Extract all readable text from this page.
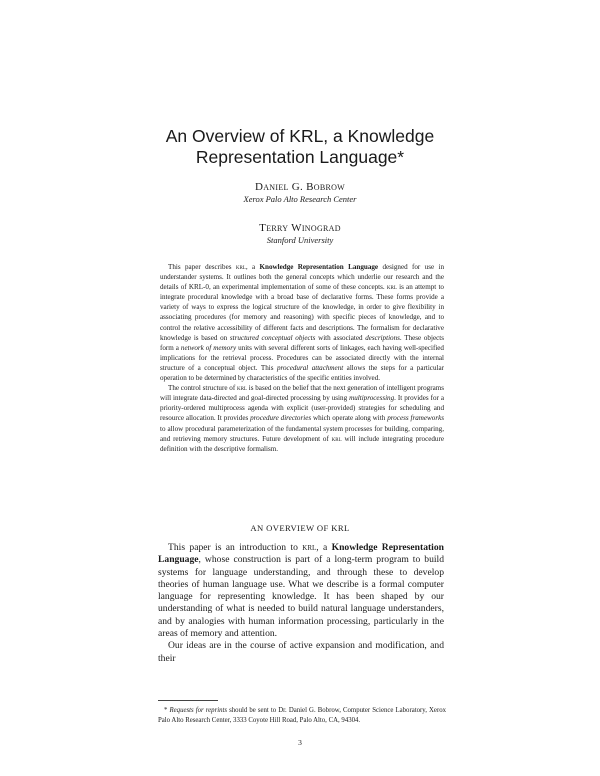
An Overview of KRL, a Knowledge
Representation Language*
Daniel G. Bobrow
Xerox Palo Alto Research Center
Terry Winograd
Stanford University

This paper describes krl, a Knowledge Representation Language designed for use in understander systems. It outlines both the general concepts which underlie our research and the details of KRL-0, an experimental implementation of some of these concepts. krl is an attempt to integrate procedural knowledge with a broad base of declarative forms. These forms provide a variety of ways to express the logical structure of the knowledge, in order to give flexibility in associating procedures (for memory and reasoning) with specific pieces of knowledge, and to control the relative accessibility of different facts and descriptions. The formalism for declarative knowledge is based on structured conceptual objects with associated descriptions. These objects form a network of memory units with several different sorts of linkages, each having well-specified implications for the retrieval process. Procedures can be associated directly with the internal structure of a conceptual object. This procedural attachment allows the steps for a particular operation to be determined by characteristics of the specific entities involved.

The control structure of krl is based on the belief that the next generation of intelligent programs will integrate data-directed and goal-directed processing by using multiprocessing. It provides for a priority-ordered multiprocess agenda with explicit (user-provided) strategies for scheduling and resource allocation. It provides procedure directories which operate along with process frameworks to allow procedural parameterization of the fundamental system processes for building, comparing, and retrieving memory structures. Future development of krl will include integrating procedure definition with the descriptive formalism.

AN OVERVIEW OF KRL

This paper is an introduction to krl, a Knowledge Representation Language, whose construction is part of a long-term program to build systems for language understanding, and through these to develop theories of human language use. What we describe is a formal computer language for representing knowledge. It has been shaped by our understanding of what is needed to build natural language understanders, and by analogies with human information processing, particularly in the areas of memory and attention.

Our ideas are in the course of active expansion and modification, and their

* Requests for reprints should be sent to Dr. Daniel G. Bobrow, Computer Science Laboratory, Xerox Palo Alto Research Center, 3333 Coyote Hill Road, Palo Alto, CA, 94304.

3
